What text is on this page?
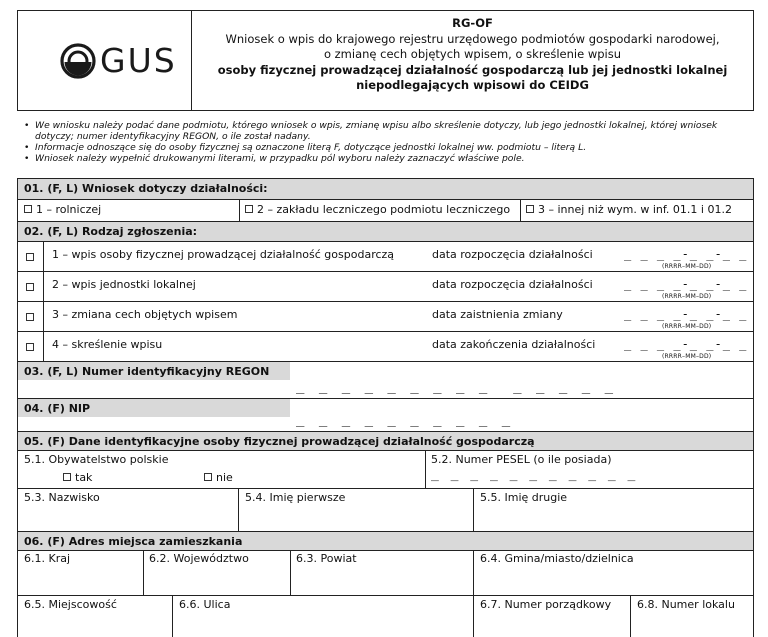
GUS
RG-OF
Wniosek o wpis do krajowego rejestru urzędowego podmiotów gospodarki narodowej,
o zmianę cech objętych wpisem, o skreślenie wpisu
osoby fizycznej prowadzącej działalność gospodarczą lub jej jednostki lokalnej
niepodlegających wpisowi do CEIDG
• We wniosku należy podać dane podmiotu, którego wniosek o wpis, zmianę wpisu albo skreślenie dotyczy, lub jego jednostki lokalnej, której wniosek dotyczy; numer identyfikacyjny REGON, o ile został nadany.
• Informacje odnoszące się do osoby fizycznej są oznaczone literą F, dotyczące jednostki lokalnej ww. podmiotu – literą L.
• Wniosek należy wypełnić drukowanymi literami, w przypadku pól wyboru należy zaznaczyć właściwe pole.
01. (F, L) Wniosek dotyczy działalności:
1 – rolniczej	2 – zakładu leczniczego podmiotu leczniczego	3 – innej niż wym. w inf. 01.1 i 01.2
02. (F, L) Rodzaj zgłoszenia:
1 – wpis osoby fizycznej prowadzącej działalność gospodarczą	data rozpoczęcia działalności	_ _ _ _-_ _-_ _
(RRRR–MM–DD)
2 – wpis jednostki lokalnej	data rozpoczęcia działalności	_ _ _ _-_ _-_ _
(RRRR–MM–DD)
3 – zmiana cech objętych wpisem	data zaistnienia zmiany	_ _ _ _-_ _-_ _
(RRRR–MM–DD)
4 – skreślenie wpisu	data zakończenia działalności _ _ _ _-_ _-_ _
(RRRR–MM–DD)
03. (F, L) Numer identyfikacyjny REGON
_ _ _ _ _ _ _ _ _  _ _ _ _ _
04. (F) NIP
_ _ _ _ _ _ _ _ _ _
05. (F) Dane identyfikacyjne osoby fizycznej prowadzącej działalność gospodarczą
5.1. Obywatelstwo polskie
tak	nie
5.2. Numer PESEL (o ile posiada)
_ _ _ _ _ _ _ _ _ _ _
5.3. Nazwisko	5.4. Imię pierwsze	5.5. Imię drugie
06. (F) Adres miejsca zamieszkania
6.1. Kraj	6.2. Województwo	6.3. Powiat	6.4. Gmina/miasto/dzielnica
6.5. Miejscowość	6.6. Ulica	6.7. Numer porządkowy 6.8. Numer lokalu
